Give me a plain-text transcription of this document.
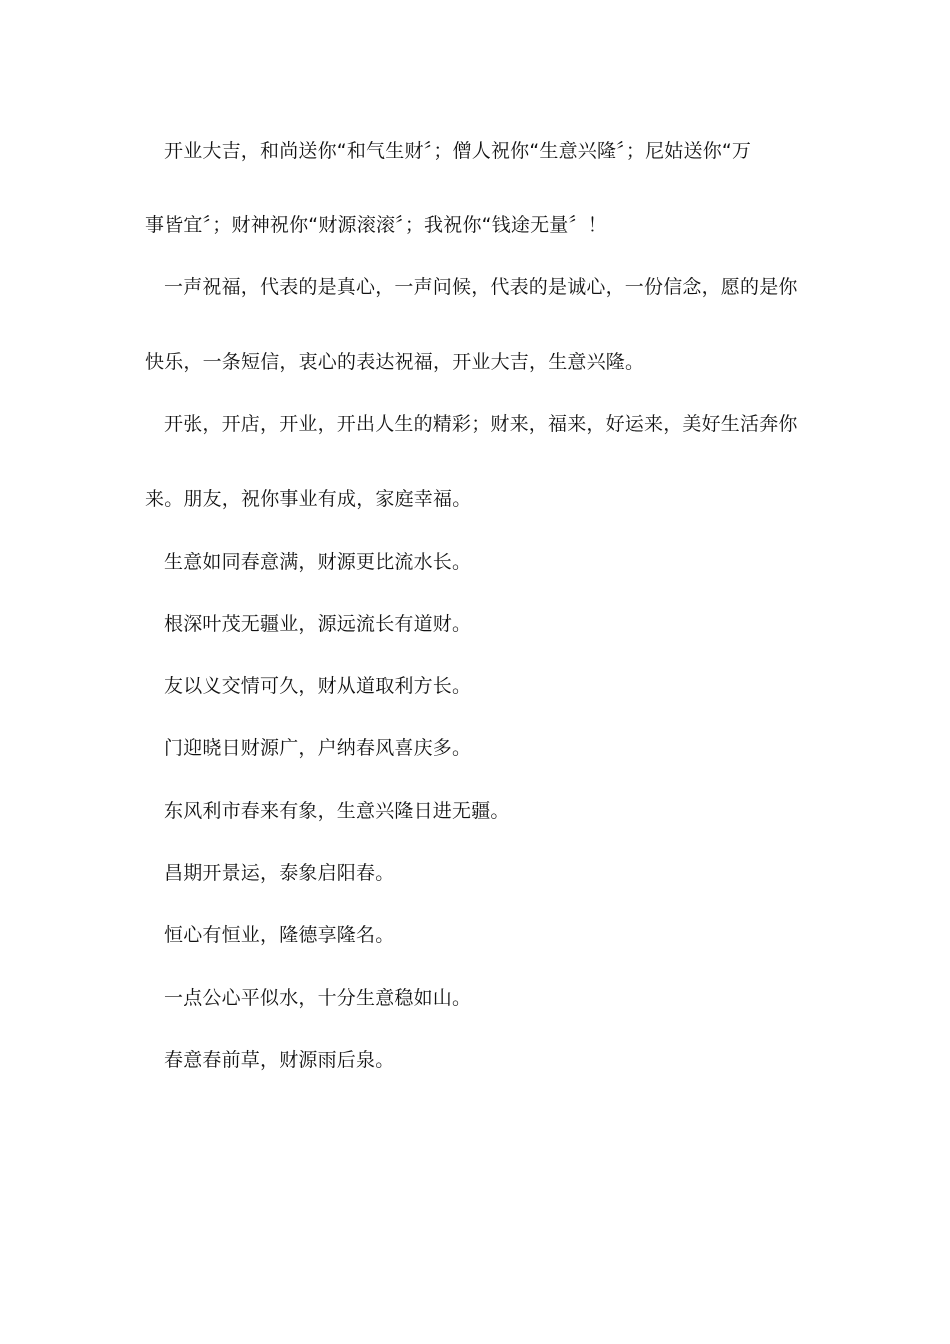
开业大吉，和尚送你“和气生财〞；僧人祝你“生意兴隆〞；尼姑送你“万
事皆宜〞；财神祝你“财源滚滚〞；我祝你“钱途无量〞！
一声祝福，代表的是真心，一声问候，代表的是诚心，一份信念，愿的是你
快乐，一条短信，衷心的表达祝福，开业大吉，生意兴隆。
开张，开店，开业，开出人生的精彩；财来，福来，好运来，美好生活奔你
来。朋友，祝你事业有成，家庭幸福。
生意如同春意满，财源更比流水长。
根深叶茂无疆业，源远流长有道财。
友以义交情可久，财从道取利方长。
门迎晓日财源广，户纳春风喜庆多。
东风利市春来有象，生意兴隆日进无疆。
昌期开景运，泰象启阳春。
恒心有恒业，隆德享隆名。
一点公心平似水，十分生意稳如山。
春意春前草，财源雨后泉。
